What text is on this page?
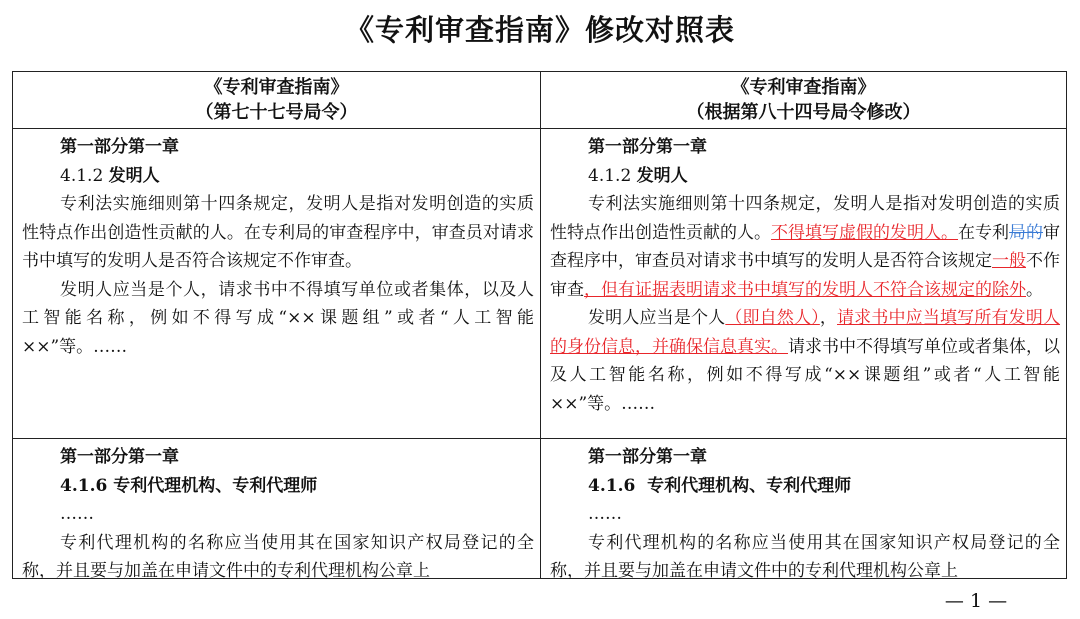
《专利审查指南》修改对照表
《专利审查指南》
（第七十七号局令）
《专利审查指南》
（根据第八十四号局令修改）

第一部分第一章

4.1.2 发明人

专利法实施细则第十四条规定，发明人是指对发明创造的实质性特点作出创造性贡献的人。在专利局的审查程序中，审查员对请求书中填写的发明人是否符合该规定不作审查。

发明人应当是个人，请求书中不得填写单位或者集体，以及人工智能名称，例如不得写成“××课题组”或者“人工智能××”等。……

第一部分第一章

4.1.2 发明人

专利法实施细则第十四条规定，发明人是指对发明创造的实质性特点作出创造性贡献的人。不得填写虚假的发明人。在专利局的审查程序中，审查员对请求书中填写的发明人是否符合该规定一般不作审查，但有证据表明请求书中填写的发明人不符合该规定的除外。

发明人应当是个人（即自然人），请求书中应当填写所有发明人的身份信息，并确保信息真实。请求书中不得填写单位或者集体，以及人工智能名称，例如不得写成“××课题组”或者“人工智能××”等。……

第一部分第一章

4.1.6 专利代理机构、专利代理师

……

专利代理机构的名称应当使用其在国家知识产权局登记的全称，并且要与加盖在申请文件中的专利代理机构公章上

第一部分第一章

4.1.6  专利代理机构、专利代理师

……

专利代理机构的名称应当使用其在国家知识产权局登记的全称，并且要与加盖在申请文件中的专利代理机构公章上

— 1 —
